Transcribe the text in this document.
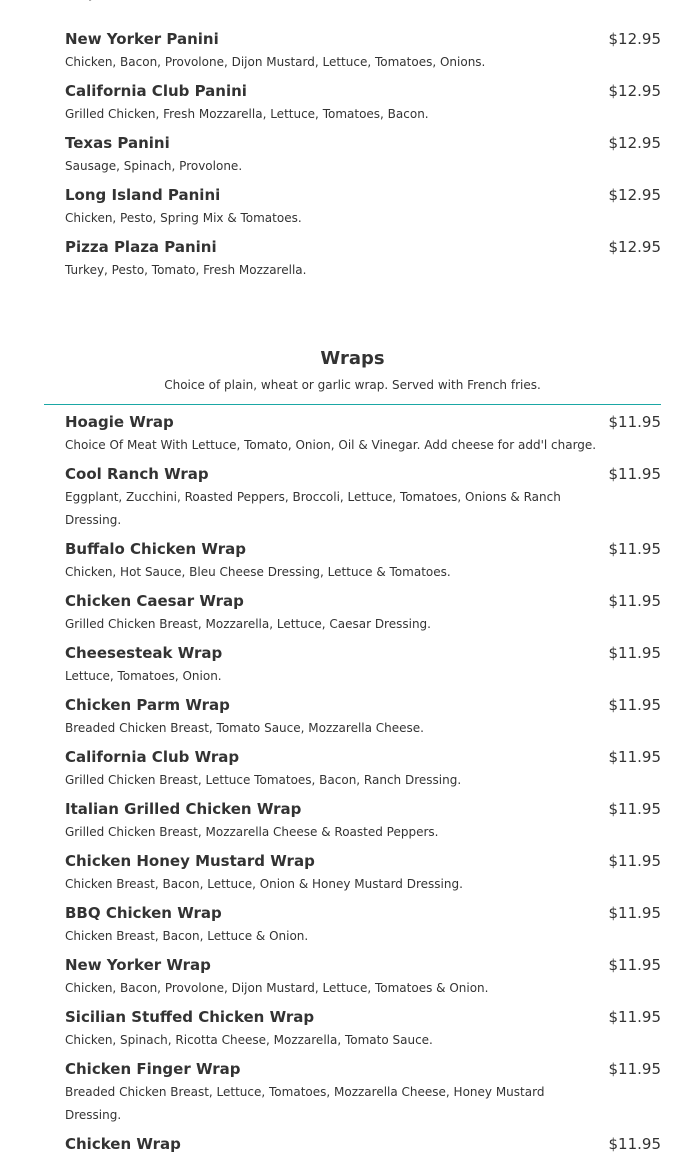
New Yorker Panini	$12.95
Chicken, Bacon, Provolone, Dijon Mustard, Lettuce, Tomatoes, Onions.
California Club Panini	$12.95
Grilled Chicken, Fresh Mozzarella, Lettuce, Tomatoes, Bacon.
Texas Panini	$12.95
Sausage, Spinach, Provolone.
Long Island Panini	$12.95
Chicken, Pesto, Spring Mix & Tomatoes.
Pizza Plaza Panini	$12.95
Turkey, Pesto, Tomato, Fresh Mozzarella.
Wraps
Choice of plain, wheat or garlic wrap. Served with French fries.
Hoagie Wrap	$11.95
Choice Of Meat With Lettuce, Tomato, Onion, Oil & Vinegar. Add cheese for add'l charge.
Cool Ranch Wrap	$11.95
Eggplant, Zucchini, Roasted Peppers, Broccoli, Lettuce, Tomatoes, Onions & Ranch Dressing.
Buffalo Chicken Wrap	$11.95
Chicken, Hot Sauce, Bleu Cheese Dressing, Lettuce & Tomatoes.
Chicken Caesar Wrap	$11.95
Grilled Chicken Breast, Mozzarella, Lettuce, Caesar Dressing.
Cheesesteak Wrap	$11.95
Lettuce, Tomatoes, Onion.
Chicken Parm Wrap	$11.95
Breaded Chicken Breast, Tomato Sauce, Mozzarella Cheese.
California Club Wrap	$11.95
Grilled Chicken Breast, Lettuce Tomatoes, Bacon, Ranch Dressing.
Italian Grilled Chicken Wrap	$11.95
Grilled Chicken Breast, Mozzarella Cheese & Roasted Peppers.
Chicken Honey Mustard Wrap	$11.95
Chicken Breast, Bacon, Lettuce, Onion & Honey Mustard Dressing.
BBQ Chicken Wrap	$11.95
Chicken Breast, Bacon, Lettuce & Onion.
New Yorker Wrap	$11.95
Chicken, Bacon, Provolone, Dijon Mustard, Lettuce, Tomatoes & Onion.
Sicilian Stuffed Chicken Wrap	$11.95
Chicken, Spinach, Ricotta Cheese, Mozzarella, Tomato Sauce.
Chicken Finger Wrap	$11.95
Breaded Chicken Breast, Lettuce, Tomatoes, Mozzarella Cheese, Honey Mustard Dressing.
Chicken Wrap	$11.95
